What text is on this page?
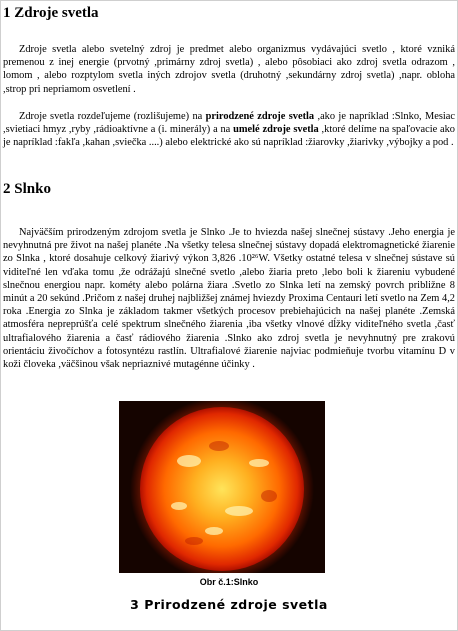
1 Zdroje svetla

Zdroje svetla alebo svetelný zdroj je predmet alebo organizmus vydávajúci svetlo , ktoré vzniká premenou z inej energie (prvotný ,primárny zdroj svetla) , alebo pôsobiaci ako zdroj svetla odrazom , lomom , alebo rozptylom svetla iných zdrojov svetla (druhotný ,sekundárny zdroj svetla) ,napr. obloha ,strop pri nepriamom osvetlení .

Zdroje svetla rozdeľujeme (rozlišujeme) na prirodzené zdroje svetla ,ako je napríklad :Slnko, Mesiac ,svietiaci hmyz ,ryby ,rádioaktívne a (i. minerály) a na umelé zdroje svetla ,ktoré delíme na spaľovacie ako je napríklad :fakľa ,kahan ,sviečka ....) alebo elektrické ako sú napríklad :žiarovky ,žiarivky ,výbojky a pod .

2 Slnko

Najväčším prirodzeným zdrojom svetla je Slnko .Je to hviezda našej slnečnej sústavy .Jeho energia je nevyhnutná pre život na našej planéte .Na všetky telesa slnečnej sústavy dopadá elektromagnetické žiarenie zo Slnka , ktoré dosahuje celkový žiarivý výkon 3,826 .10²⁶W. Všetky ostatné telesa v slnečnej sústave sú viditeľné len vďaka tomu ,že odrážajú slnečné svetlo ,alebo žiaria preto ,lebo boli k žiareniu vybudené slnečnou energiou napr. kométy alebo polárna žiara .Svetlo zo Slnka letí na zemský povrch približne 8 minút a 20 sekúnd .Pričom z našej druhej najbližšej známej hviezdy Proxima Centauri letí svetlo na Zem 4,2 roka .Energia zo Slnka je základom takmer všetkých procesov prebiehajúcich na našej planéte .Zemská atmosféra nepreprúšťa celé spektrum slnečného žiarenia ,iba všetky vlnové dĺžky viditeľného svetla ,časť ultrafialového žiarenia a časť rádiového žiarenia .Slnko ako zdroj svetla je nevyhnutný pre zrakovú orientáciu živočíchov a fotosyntézu rastlín. Ultrafialové žiarenie najviac podmieňuje tvorbu vitamínu D v koži človeka ,väčšinou však nepriaznivé mutagénne účinky .

Obr č.1:Slnko
3 Prirodzené zdroje svetla
